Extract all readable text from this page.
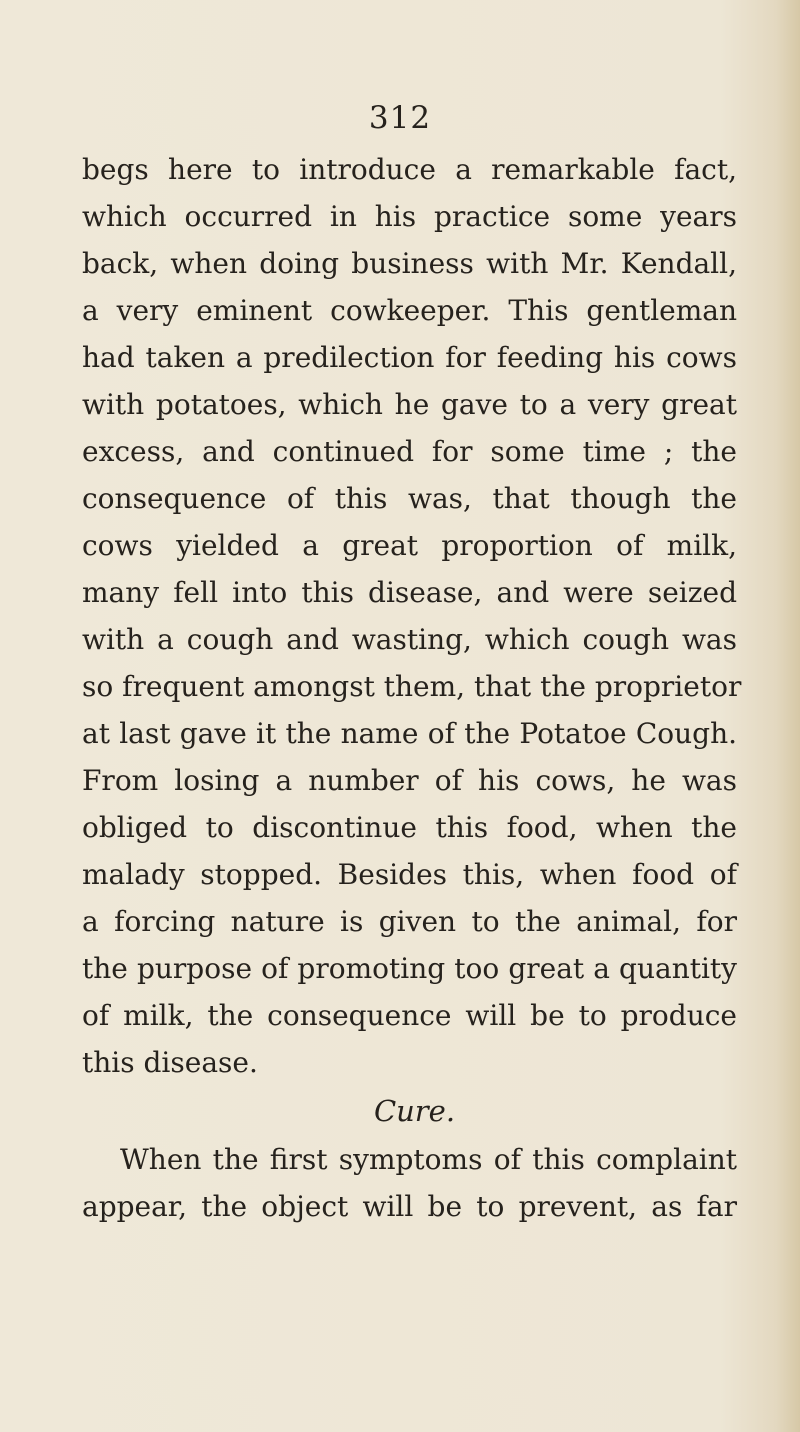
312
begs here to introduce a remarkable fact,
which occurred in his practice some years
back, when doing business with Mr. Kendall,
a very eminent cowkeeper. This gentleman
had taken a predilection for feeding his cows
with potatoes, which he gave to a very great
excess, and continued for some time ; the
consequence of this was, that though the
cows yielded a great proportion of milk,
many fell into this disease, and were seized
with a cough and wasting, which cough was
so frequent amongst them, that the proprietor
at last gave it the name of the Potatoe Cough.
From losing a number of his cows, he was
obliged to discontinue this food, when the
malady stopped. Besides this, when food of
a forcing nature is given to the animal, for
the purpose of promoting too great a quantity
of milk, the consequence will be to produce
this disease.
Cure.
When the first symptoms of this complaint
appear, the object will be to prevent, as far
